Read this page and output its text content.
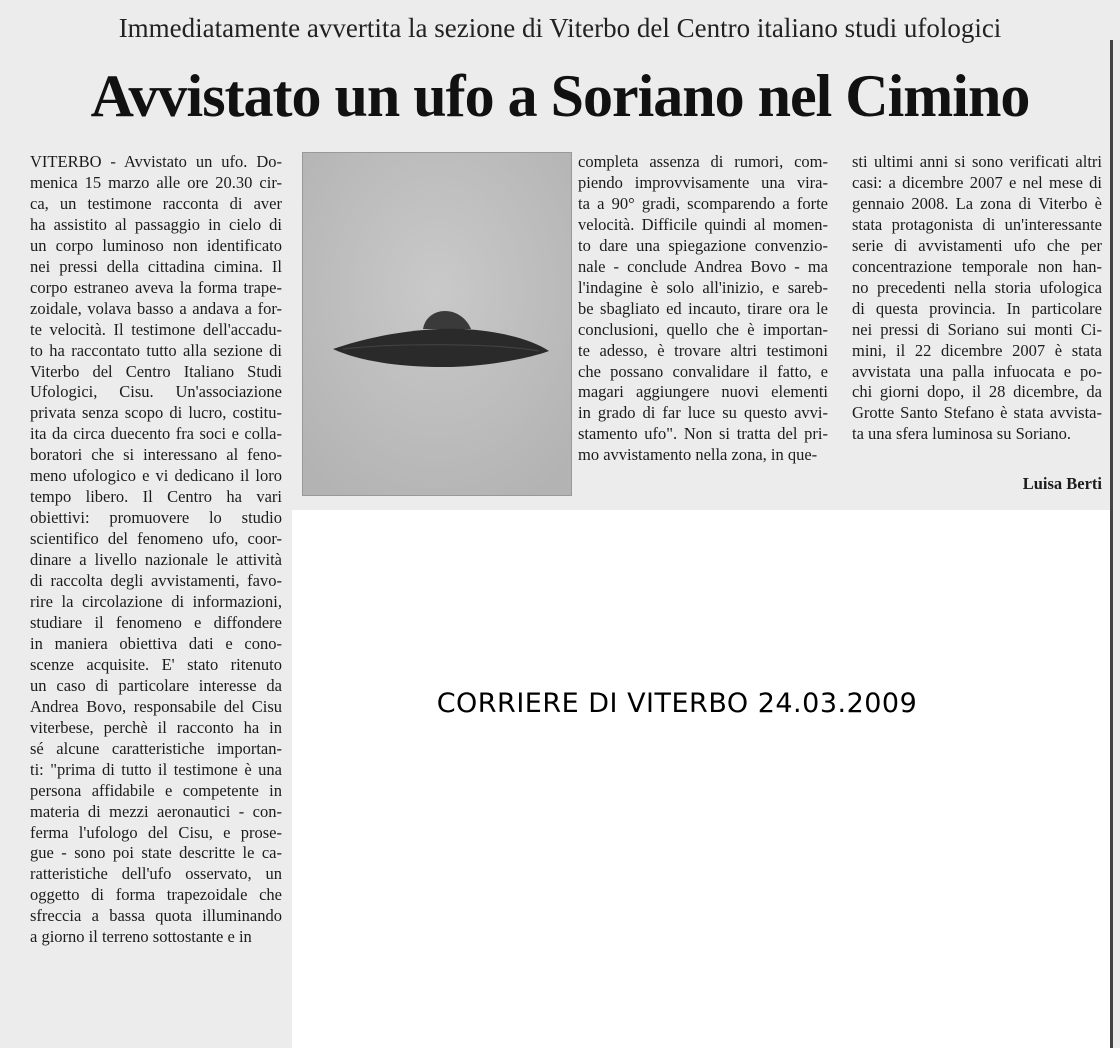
Immediatamente avvertita la sezione di Viterbo del Centro italiano studi ufologici
Avvistato un ufo a Soriano nel Cimino
VITERBO - Avvistato un ufo. Do-
menica 15 marzo alle ore 20.30 cir-
ca, un testimone racconta di aver
ha assistito al passaggio in cielo di
un corpo luminoso non identificato
nei pressi della cittadina cimina. Il
corpo estraneo aveva la forma trape-
zoidale, volava basso a andava a for-
te velocità. Il testimone dell'accadu-
to ha raccontato tutto alla sezione di
Viterbo del Centro Italiano Studi
Ufologici, Cisu. Un'associazione
privata senza scopo di lucro, costitu-
ita da circa duecento fra soci e colla-
boratori che si interessano al feno-
meno ufologico e vi dedicano il loro
tempo libero. Il Centro ha vari
obiettivi: promuovere lo studio
scientifico del fenomeno ufo, coor-
dinare a livello nazionale le attività
di raccolta degli avvistamenti, favo-
rire la circolazione di informazioni,
studiare il fenomeno e diffondere
in maniera obiettiva dati e cono-
scenze acquisite. E' stato ritenuto
un caso di particolare interesse da
Andrea Bovo, responsabile del Cisu
viterbese, perchè il racconto ha in
sé alcune caratteristiche importan-
ti: "prima di tutto il testimone è una
persona affidabile e competente in
materia di mezzi aeronautici - con-
ferma l'ufologo del Cisu, e prose-
gue - sono poi state descritte le ca-
ratteristiche dell'ufo osservato, un
oggetto di forma trapezoidale che
sfreccia a bassa quota illuminando
a giorno il terreno sottostante e in
completa assenza di rumori, com-
piendo improvvisamente una vira-
ta a 90° gradi, scomparendo a forte
velocità. Difficile quindi al momen-
to dare una spiegazione convenzio-
nale - conclude Andrea Bovo - ma
l'indagine è solo all'inizio, e sareb-
be sbagliato ed incauto, tirare ora le
conclusioni, quello che è importan-
te adesso, è trovare altri testimoni
che possano convalidare il fatto, e
magari aggiungere nuovi elementi
in grado di far luce su questo avvi-
stamento ufo". Non si tratta del pri-
mo avvistamento nella zona, in que-
sti ultimi anni si sono verificati altri
casi: a dicembre 2007 e nel mese di
gennaio 2008. La zona di Viterbo è
stata protagonista di un'interessante
serie di avvistamenti ufo che per
concentrazione temporale non han-
no precedenti nella storia ufologica
di questa provincia. In particolare
nei pressi di Soriano sui monti Ci-
mini, il 22 dicembre 2007 è stata
avvistata una palla infuocata e po-
chi giorni dopo, il 28 dicembre, da
Grotte Santo Stefano è stata avvista-
ta una sfera luminosa su Soriano.
Luisa Berti
CORRIERE DI VITERBO 24.03.2009
